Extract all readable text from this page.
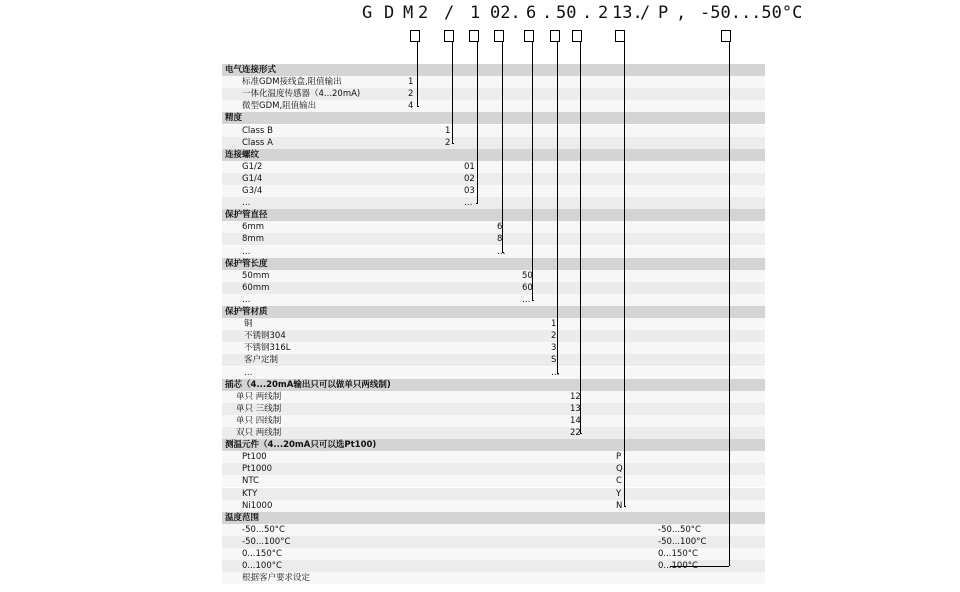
G D M 2 / 1 02. 6 . 50 . 2 13.
/ P , -50...50°C
电气连接形式
标准GDM接线盒,阻值输出	1
一体化温度传感器（4...20mA)	2
微型GDM,阻值输出	4
精度
Class B	1
Class A	2
连接螺纹
G1/2	01
G1/4	02
G3/4	03
…	…
保护管直径
6mm	6
8mm	8
…	…
保护管长度
50mm	50
60mm	60
…	…
保护管材质
铜	1
不锈钢304	2
不锈钢316L	3
客户定制	S
…	…
插芯（4...20mA输出只可以做单只两线制)
单只 两线制	12
单只 三线制	13
单只 四线制	14
双只 两线制	22
测温元件（4...20mA只可以选Pt100)
Pt100	P
Pt1000	Q
NTC	C
KTY	Y
Ni1000	N
温度范围
-50...50°C	-50...50°C
-50...100°C	-50...100°C
0...150°C	0...150°C
0...100°C	0...100°C
根据客户要求设定
